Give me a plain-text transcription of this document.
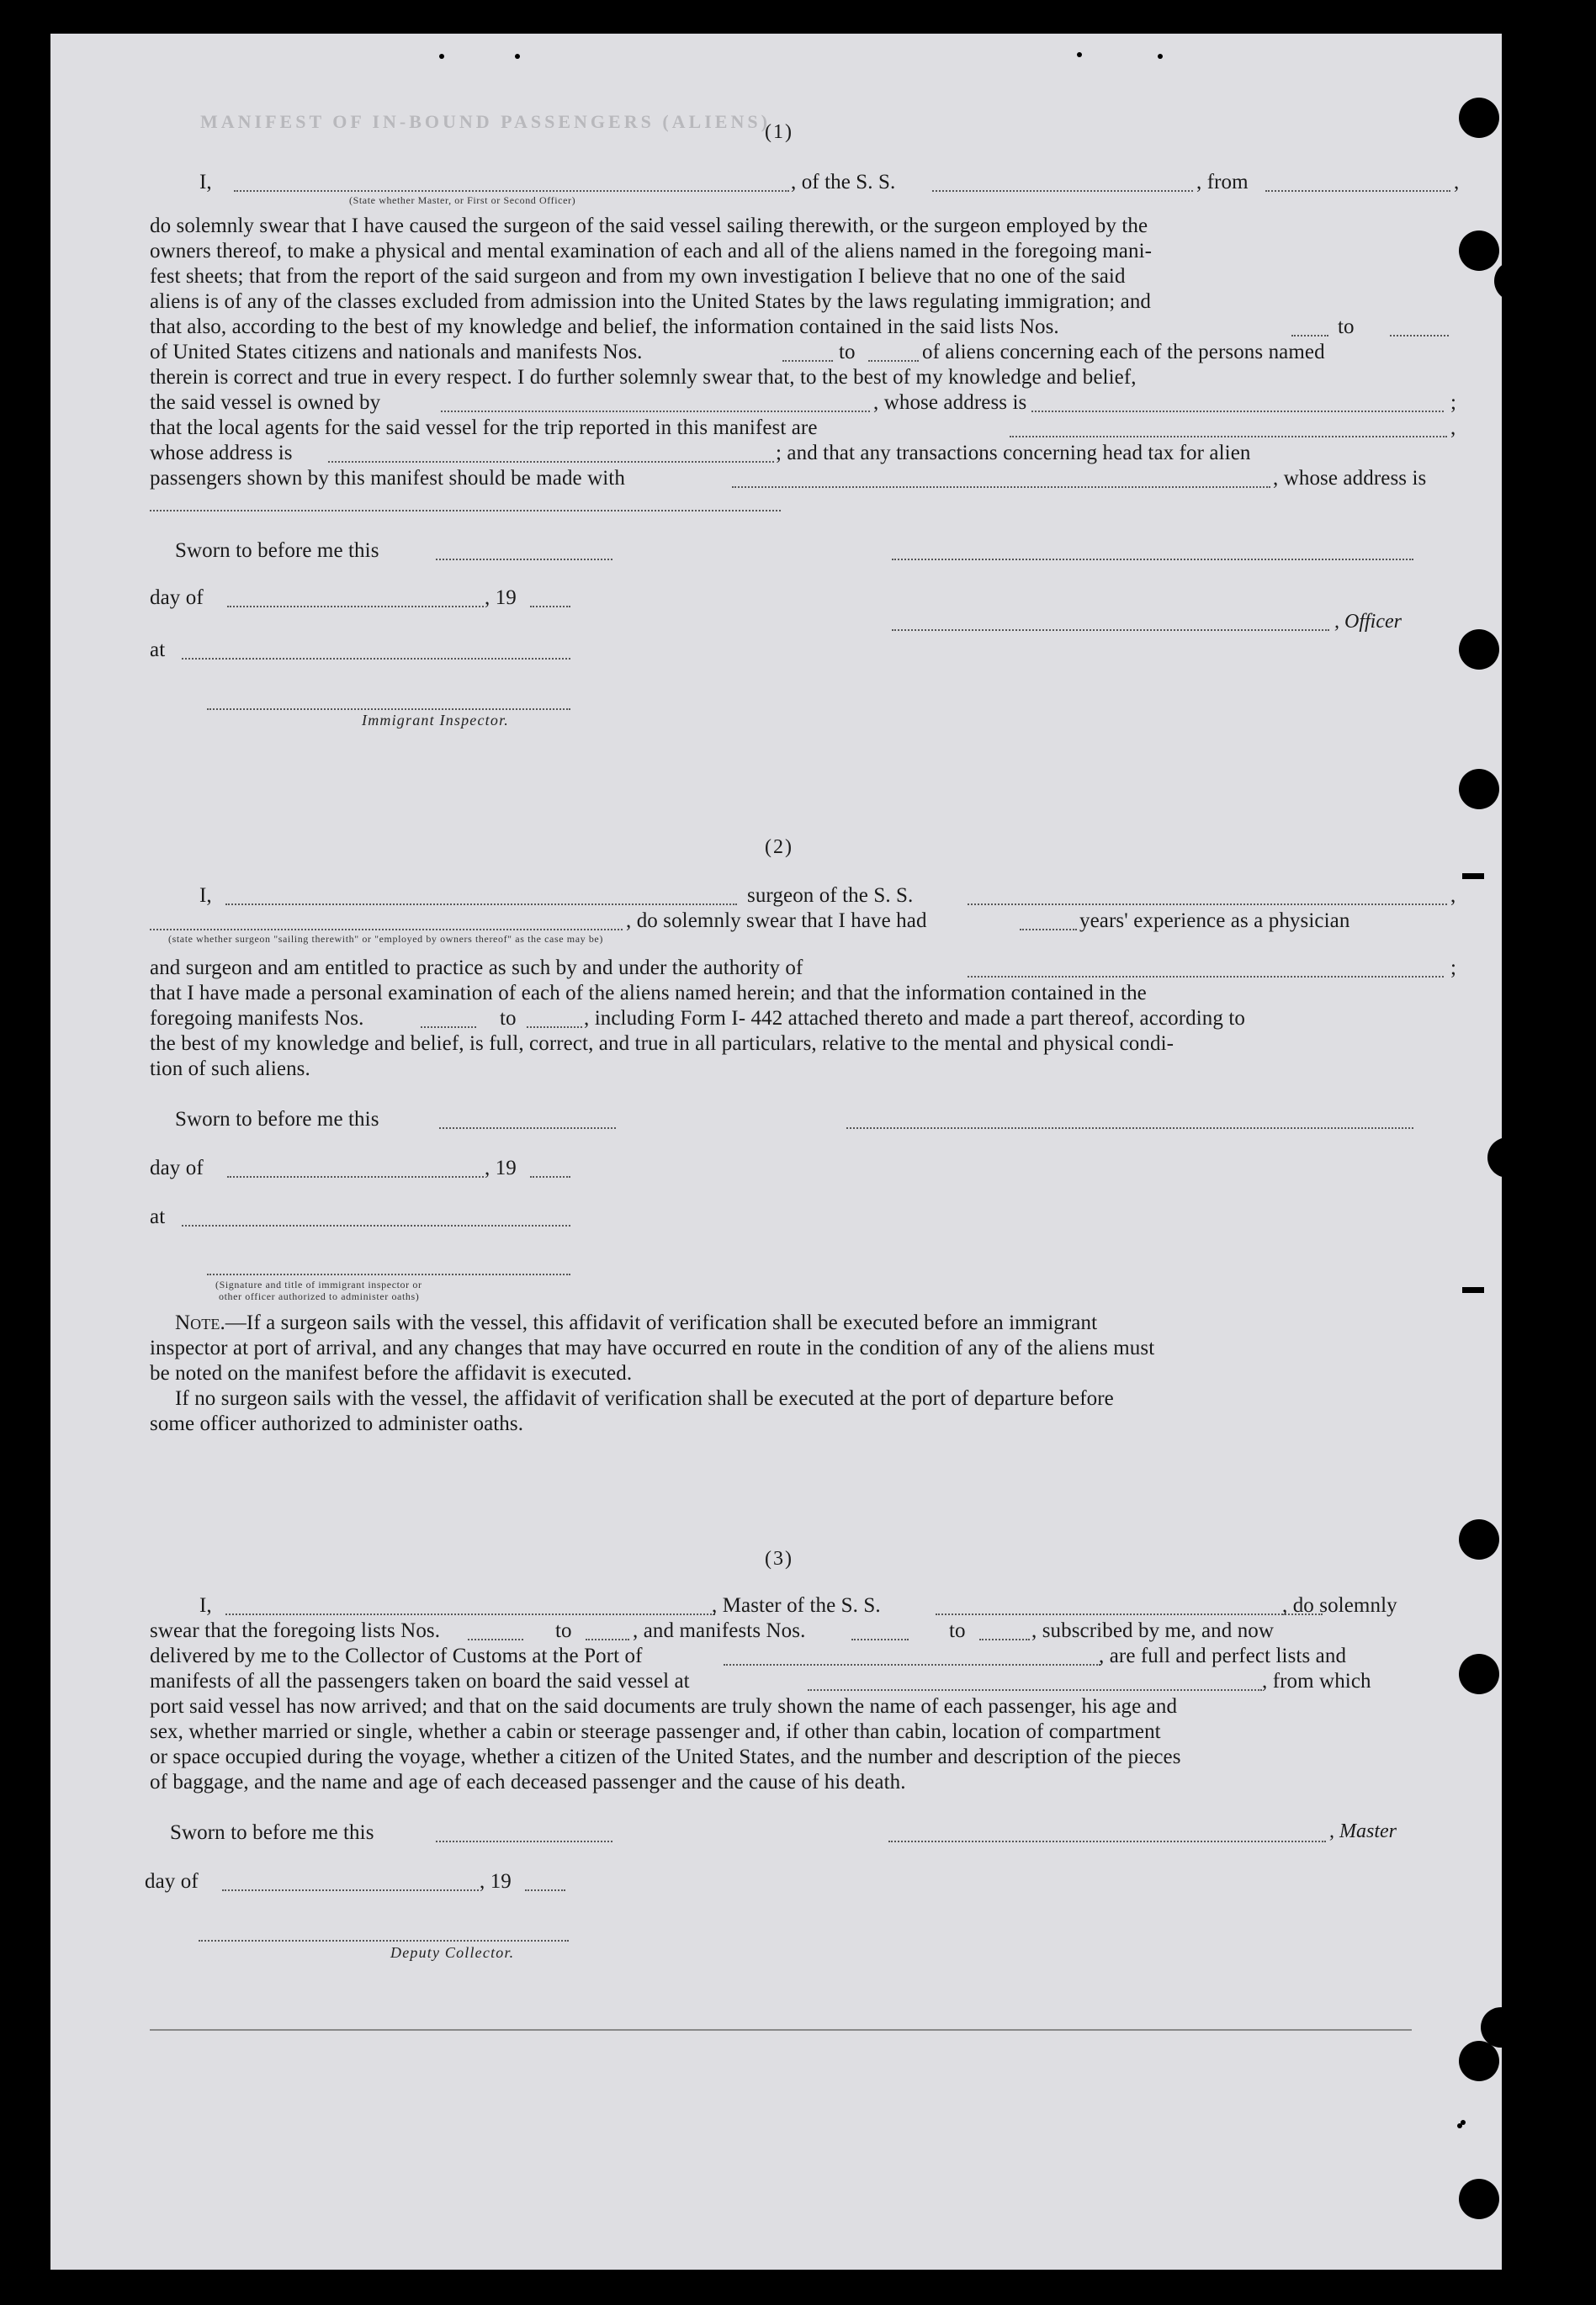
MANIFEST OF IN-BOUND PASSENGERS (ALIENS)
(1)
I,	, of the S. S.	, from	,
(State whether Master, or First or Second Officer)
do solemnly swear that I have caused the surgeon of the said vessel sailing therewith, or the surgeon employed by the
owners thereof, to make a physical and mental examination of each and all of the aliens named in the foregoing mani-
fest sheets; that from the report of the said surgeon and from my own investigation I believe that no one of the said
aliens is of any of the classes excluded from admission into the United States by the laws regulating immigration; and
that also, according to the best of my knowledge and belief, the information contained in the said lists Nos.	to
of United States citizens and nationals and manifests Nos.	to	of aliens concerning each of the persons named
therein is correct and true in every respect. I do further solemnly swear that, to the best of my knowledge and belief,
the said vessel is owned by	, whose address is	;
that the local agents for the said vessel for the trip reported in this manifest are	,
whose address is	; and that any transactions concerning head tax for alien
passengers shown by this manifest should be made with	, whose address is
Sworn to before me this
day of	, 19
, Officer
at
Immigrant Inspector.
(2)
I,	surgeon of the S. S.	,
, do solemnly swear that I have had	years' experience as a physician
(state whether surgeon "sailing therewith" or "employed by owners thereof" as the case may be)
and surgeon and am entitled to practice as such by and under the authority of	;
that I have made a personal examination of each of the aliens named herein; and that the information contained in the
foregoing manifests Nos.	to	, including Form I- 442 attached thereto and made a part thereof, according to
the best of my knowledge and belief, is full, correct, and true in all particulars, relative to the mental and physical condi-
tion of such aliens.
Sworn to before me this
day of	, 19
at
(Signature and title of immigrant inspector or
other officer authorized to administer oaths)
Note.—If a surgeon sails with the vessel, this affidavit of verification shall be executed before an immigrant
inspector at port of arrival, and any changes that may have occurred en route in the condition of any of the aliens must
be noted on the manifest before the affidavit is executed.
If no surgeon sails with the vessel, the affidavit of verification shall be executed at the port of departure before
some officer authorized to administer oaths.
(3)
I,	, Master of the S. S.	, do solemnly
swear that the foregoing lists Nos.	to	, and manifests Nos.	to	, subscribed by me, and now
delivered by me to the Collector of Customs at the Port of	, are full and perfect lists and
manifests of all the passengers taken on board the said vessel at	, from which
port said vessel has now arrived; and that on the said documents are truly shown the name of each passenger, his age and
sex, whether married or single, whether a cabin or steerage passenger and, if other than cabin, location of compartment
or space occupied during the voyage, whether a citizen of the United States, and the number and description of the pieces
of baggage, and the name and age of each deceased passenger and the cause of his death.
Sworn to before me this	, Master
day of	, 19
Deputy Collector.
